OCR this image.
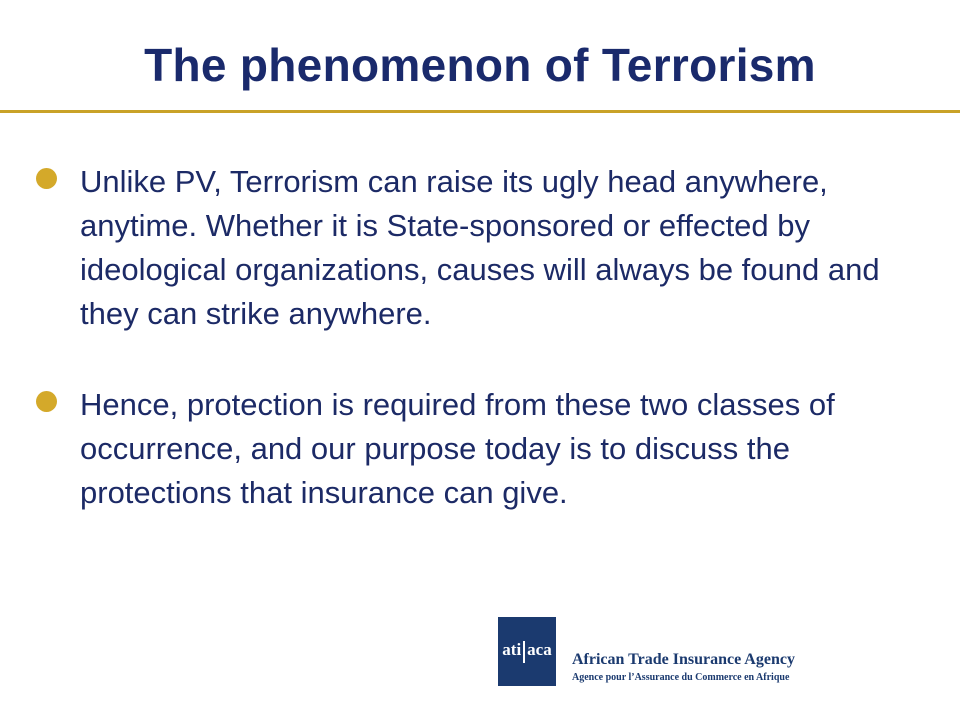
The phenomenon of Terrorism
Unlike PV, Terrorism can raise its ugly head anywhere, anytime. Whether it is State-sponsored or effected by ideological organizations, causes will always be found and they can strike anywhere.
Hence, protection is required from these two classes of occurrence, and our purpose today is to discuss the protections that insurance can give.
ati aca
African Trade Insurance Agency
Agence pour l’Assurance du Commerce en Afrique
